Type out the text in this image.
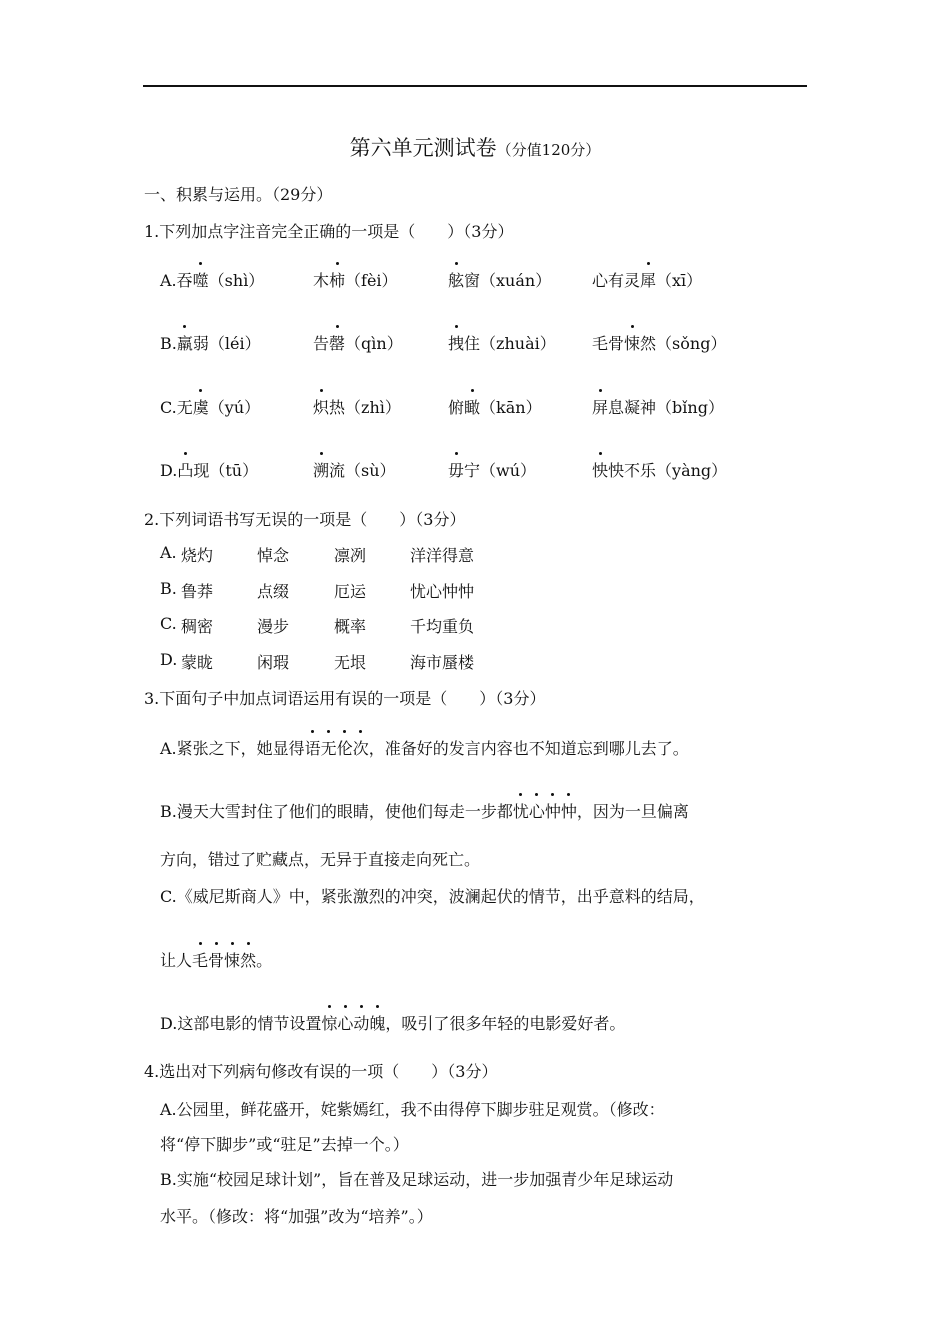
第六单元测试卷（分值120分）
一、积累与运用。（29分）
1.下列加点字注音完全正确的一项是（　　）（3分）
A.吞噬（shì）	木柿（fèi）	舷窗（xuán）	心有灵犀（xī）
B.羸弱（léi）	告罄（qìn）	拽住（zhuài） 毛骨悚然（sǒng）
C.无虞（yú）	炽热（zhì）	俯瞰（kān）	屏息凝神（bǐng）
D.凸现（tū）	溯流（sù）	毋宁（wú）	怏怏不乐（yàng）
2.下列词语书写无误的一项是（　　）（3分）
A. 烧灼	悼念	凛冽	洋洋得意
B. 鲁莽	点缀	厄运	忧心忡忡
C. 稠密	漫步	概率	千均重负
D. 蒙眬	闲瑕	无垠	海市蜃楼
3.下面句子中加点词语运用有误的一项是（　　）（3分）
A.紧张之下，她显得语无伦次，准备好的发言内容也不知道忘到哪儿去了。
B.漫天大雪封住了他们的眼睛，使他们每走一步都忧心忡忡，因为一旦偏离
方向，错过了贮藏点，无异于直接走向死亡。
C.《威尼斯商人》中，紧张激烈的冲突，波澜起伏的情节，出乎意料的结局，
让人毛骨悚然。
D.这部电影的情节设置惊心动魄，吸引了很多年轻的电影爱好者。
4.选出对下列病句修改有误的一项（　　）（3分）
A.公园里，鲜花盛开，姹紫嫣红，我不由得停下脚步驻足观赏。（修改：
将“停下脚步”或“驻足”去掉一个。）
B.实施“校园足球计划”，旨在普及足球运动，进一步加强青少年足球运动
水平。（修改：将“加强”改为“培养”。）
